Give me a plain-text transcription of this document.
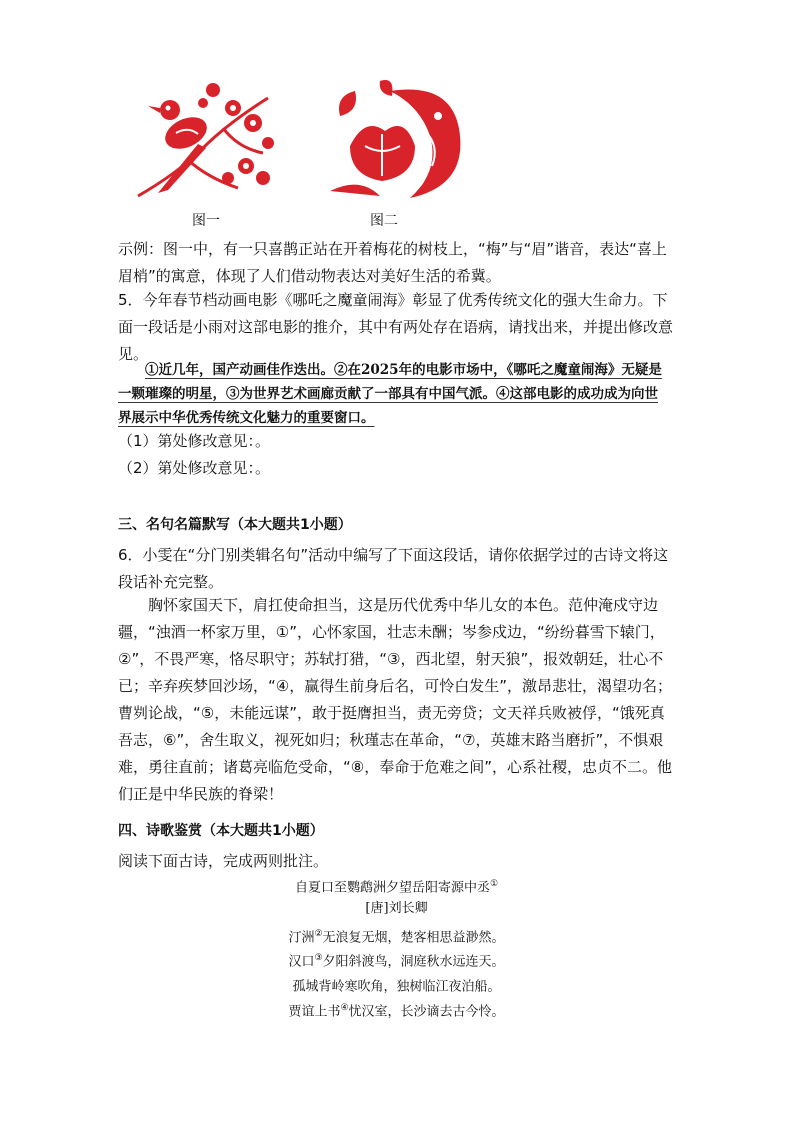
图一	图二
示例：图一中，有一只喜鹊正站在开着梅花的树枝上，“梅”与“眉”谐音，表达“喜上眉梢”的寓意，体现了人们借动物表达对美好生活的希冀。
5．今年春节档动画电影《哪吒之魔童闹海》彰显了优秀传统文化的强大生命力。下面一段话是小雨对这部电影的推介，其中有两处存在语病，请找出来，并提出修改意见。
①近几年，国产动画佳作迭出。②在2025年的电影市场中，《哪吒之魔童闹海》无疑是一颗璀璨的明星，③为世界艺术画廊贡献了一部具有中国气派。④这部电影的成功成为向世界展示中华优秀传统文化魅力的重要窗口。
（1）第处修改意见：。
（2）第处修改意见：。
三、名句名篇默写（本大题共1小题）
6．小雯在“分门别类辑名句”活动中编写了下面这段话，请你依据学过的古诗文将这段话补充完整。
胸怀家国天下，肩扛使命担当，这是历代优秀中华儿女的本色。范仲淹戍守边疆，“浊酒一杯家万里，①”，心怀家国，壮志未酬；岑参戍边，“纷纷暮雪下辕门，②”，不畏严寒，恪尽职守；苏轼打猎，“③，西北望，射天狼”，报效朝廷，壮心不已；辛弃疾梦回沙场，“④，赢得生前身后名，可怜白发生”，激昂悲壮，渴望功名；曹刿论战，“⑤，未能远谋”，敢于挺膺担当，责无旁贷；文天祥兵败被俘，“饿死真吾志，⑥”，舍生取义，视死如归；秋瑾志在革命，“⑦，英雄末路当磨折”，不惧艰难，勇往直前；诸葛亮临危受命，“⑧，奉命于危难之间”，心系社稷，忠贞不二。他们正是中华民族的脊梁！
四、诗歌鉴赏（本大题共1小题）
阅读下面古诗，完成两则批注。
自夏口至鹦鹉洲夕望岳阳寄源中丞①
[唐]刘长卿
汀洲②无浪复无烟，楚客相思益渺然。
汉口③夕阳斜渡鸟，洞庭秋水远连天。
孤城背岭寒吹角，独树临江夜泊船。
贾谊上书④忧汉室，长沙谪去古今怜。
